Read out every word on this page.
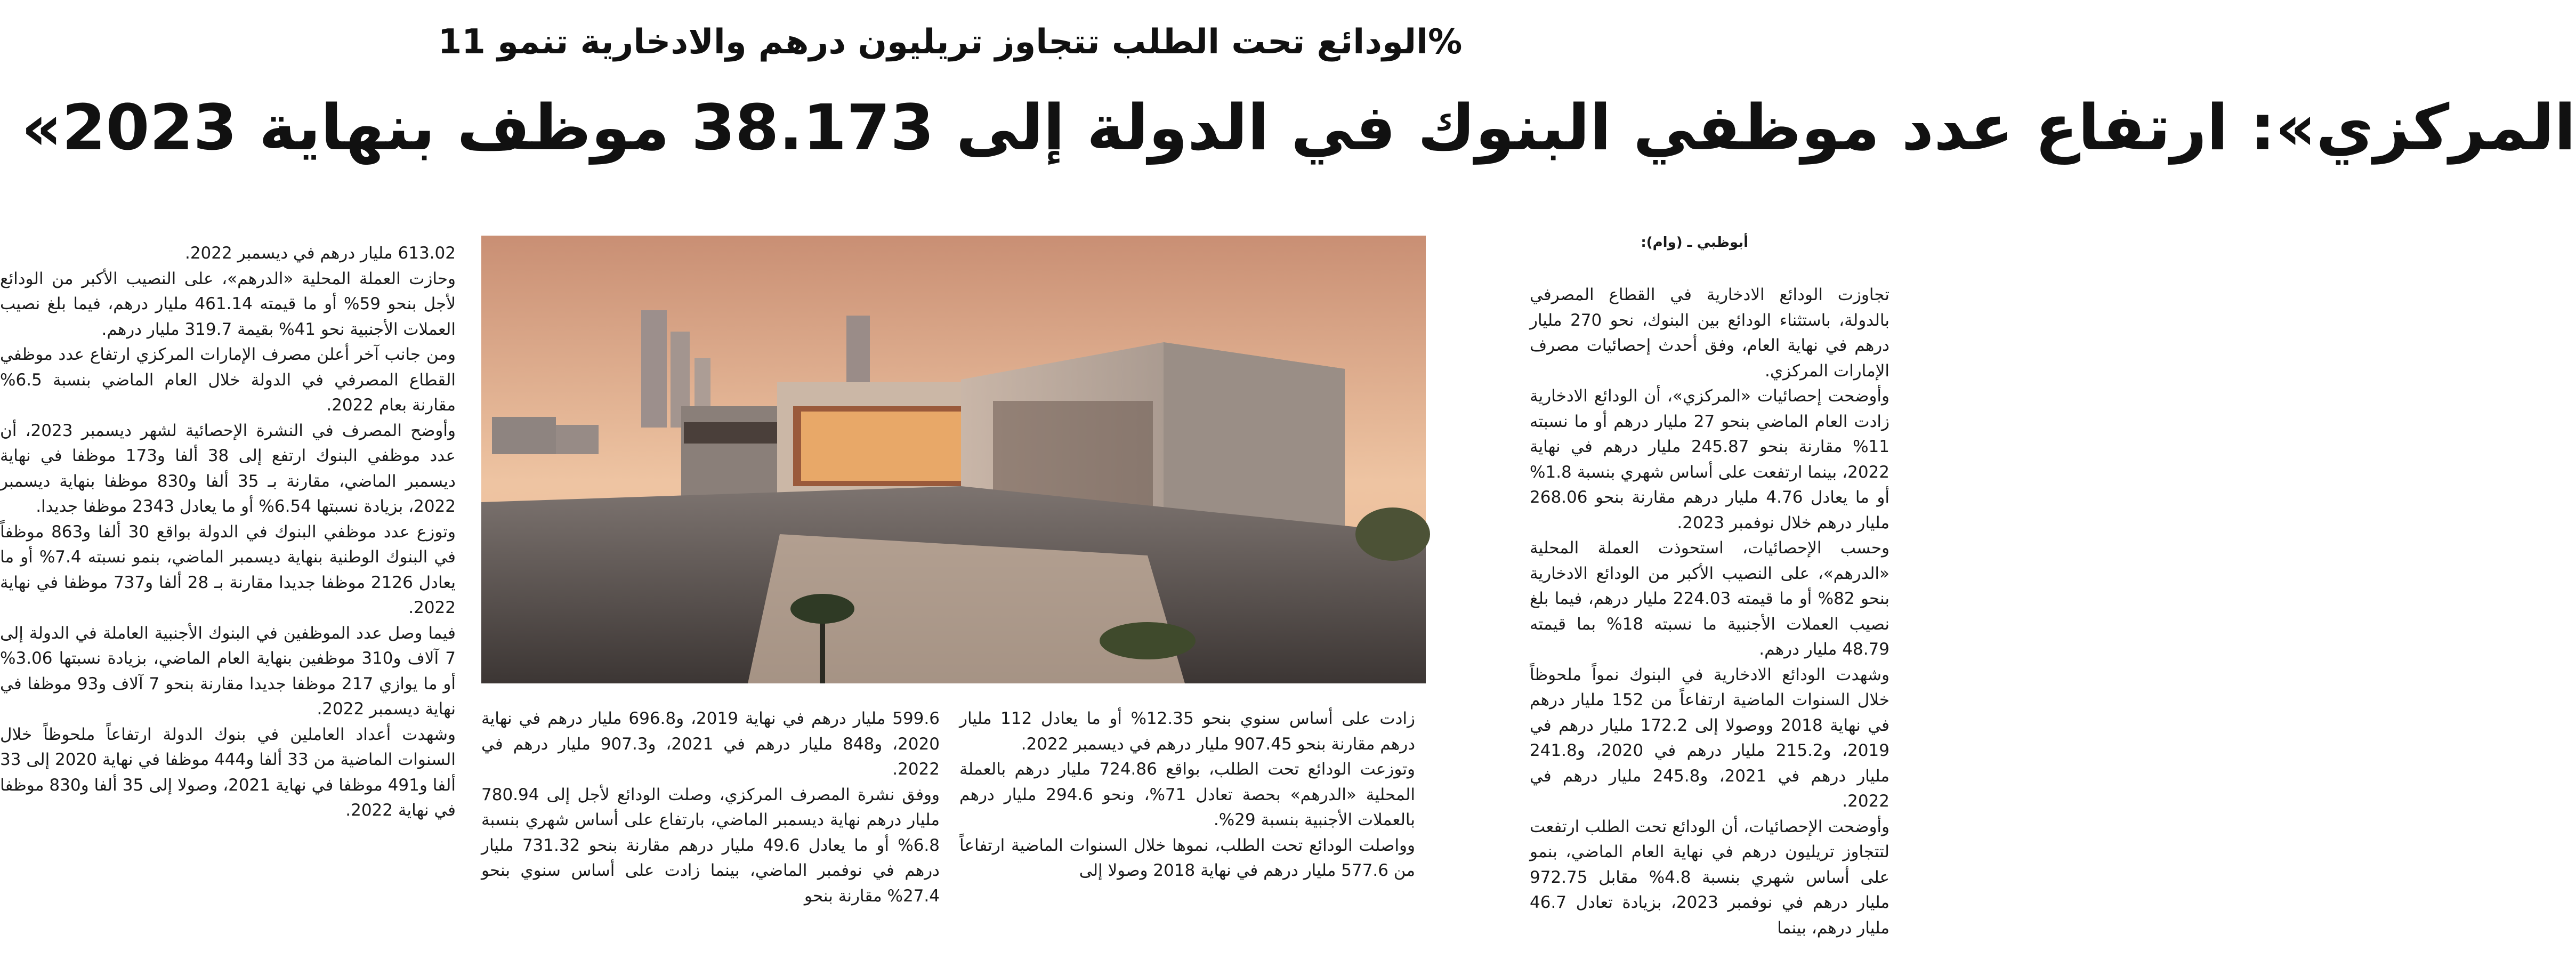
الودائع تحت الطلب تتجاوز تريليون درهم والادخارية تنمو 11%
«المركزي»: ارتفاع عدد موظفي البنوك في الدولة إلى 38.173 موظف بنهاية 2023
أبوظبي ـ (وام):

تجاوزت الودائع الادخارية في القطاع المصرفي بالدولة، باستثناء الودائع بين البنوك، نحو 270 مليار درهم في نهاية العام، وفق أحدث إحصائيات مصرف الإمارات المركزي.

وأوضحت إحصائيات «المركزي»، أن الودائع الادخارية زادت العام الماضي بنحو 27 مليار درهم أو ما نسبته 11% مقارنة بنحو 245.87 مليار درهم في نهاية 2022، بينما ارتفعت على أساس شهري بنسبة 1.8% أو ما يعادل 4.76 مليار درهم مقارنة بنحو 268.06 مليار درهم خلال نوفمبر 2023.

وحسب الإحصائيات، استحوذت العملة المحلية «الدرهم»، على النصيب الأكبر من الودائع الادخارية بنحو 82% أو ما قيمته 224.03 مليار درهم، فيما بلغ نصيب العملات الأجنبية ما نسبته 18% بما قيمته 48.79 مليار درهم.

وشهدت الودائع الادخارية في البنوك نمواً ملحوظاً خلال السنوات الماضية ارتفاعاً من 152 مليار درهم في نهاية 2018 ووصولا إلى 172.2 مليار درهم في 2019، و215.2 مليار درهم في 2020، و241.8 مليار درهم في 2021، و245.8 مليار درهم في 2022.

وأوضحت الإحصائيات، أن الودائع تحت الطلب ارتفعت لتتجاوز تريليون درهم في نهاية العام الماضي، بنمو على أساس شهري بنسبة 4.8% مقابل 972.75 مليار درهم في نوفمبر 2023، بزيادة تعادل 46.7 مليار درهم، بينما

زادت على أساس سنوي بنحو 12.35% أو ما يعادل 112 مليار درهم مقارنة بنحو 907.45 مليار درهم في ديسمبر 2022.

وتوزعت الودائع تحت الطلب، بواقع 724.86 مليار درهم بالعملة المحلية «الدرهم» بحصة تعادل 71%، ونحو 294.6 مليار درهم بالعملات الأجنبية بنسبة 29%.

وواصلت الودائع تحت الطلب، نموها خلال السنوات الماضية ارتفاعاً من 577.6 مليار درهم في نهاية 2018 وصولا إلى

599.6 مليار درهم في نهاية 2019، و696.8 مليار درهم في نهاية 2020، و848 مليار درهم في 2021، و907.3 مليار درهم في 2022.

ووفق نشرة المصرف المركزي، وصلت الودائع لأجل إلى 780.94 مليار درهم نهاية ديسمبر الماضي، بارتفاع على أساس شهري بنسبة 6.8% أو ما يعادل 49.6 مليار درهم مقارنة بنحو 731.32 مليار درهم في نوفمبر الماضي، بينما زادت على أساس سنوي بنحو 27.4% مقارنة بنحو

613.02 مليار درهم في ديسمبر 2022.

وحازت العملة المحلية «الدرهم»، على النصيب الأكبر من الودائع لأجل بنحو 59% أو ما قيمته 461.14 مليار درهم، فيما بلغ نصيب العملات الأجنبية نحو 41% بقيمة 319.7 مليار درهم.

ومن جانب آخر أعلن مصرف الإمارات المركزي ارتفاع عدد موظفي القطاع المصرفي في الدولة خلال العام الماضي بنسبة 6.5% مقارنة بعام 2022.

وأوضح المصرف في النشرة الإحصائية لشهر ديسمبر 2023، أن عدد موظفي البنوك ارتفع إلى 38 ألفا و173 موظفا في نهاية ديسمبر الماضي، مقارنة بـ 35 ألفا و830 موظفا بنهاية ديسمبر 2022، بزيادة نسبتها 6.54% أو ما يعادل 2343 موظفا جديدا.

وتوزع عدد موظفي البنوك في الدولة بواقع 30 ألفا و863 موظفاً في البنوك الوطنية بنهاية ديسمبر الماضي، بنمو نسبته 7.4% أو ما يعادل 2126 موظفا جديدا مقارنة بـ 28 ألفا و737 موظفا في نهاية 2022.

فيما وصل عدد الموظفين في البنوك الأجنبية العاملة في الدولة إلى 7 آلاف و310 موظفين بنهاية العام الماضي، بزيادة نسبتها 3.06% أو ما يوازي 217 موظفا جديدا مقارنة بنحو 7 آلاف و93 موظفا في نهاية ديسمبر 2022.

وشهدت أعداد العاملين في بنوك الدولة ارتفاعاً ملحوظاً خلال السنوات الماضية من 33 ألفا و444 موظفا في نهاية 2020 إلى 33 ألفا و491 موظفا في نهاية 2021، وصولا إلى 35 ألفا و830 موظفا في نهاية 2022.
